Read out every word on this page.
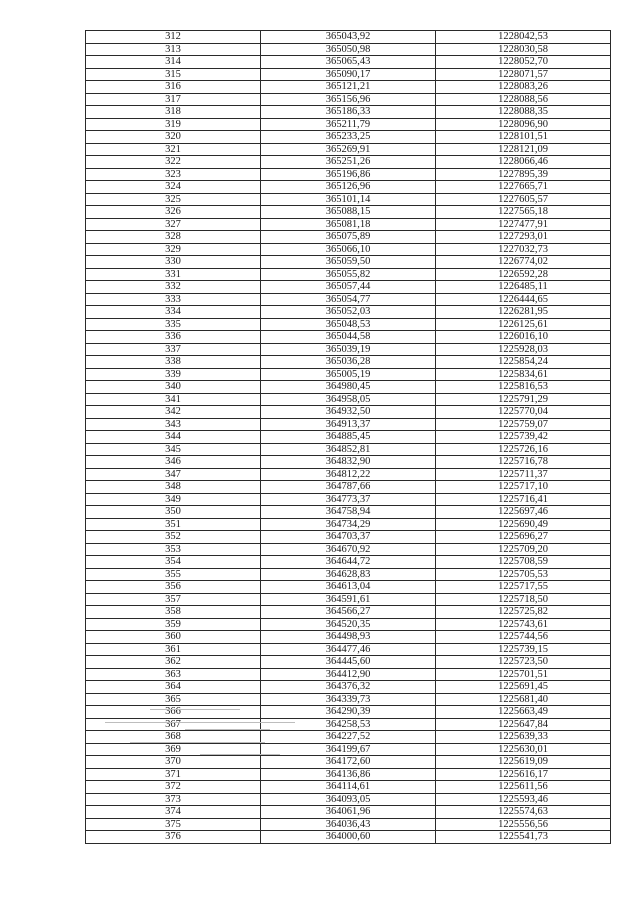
312	365043,92	1228042,53
313	365050,98	1228030,58
314	365065,43	1228052,70
315	365090,17	1228071,57
316	365121,21	1228083,26
317	365156,96	1228088,56
318	365186,33	1228088,35
319	365211,79	1228096,90
320	365233,25	1228101,51
321	365269,91	1228121,09
322	365251,26	1228066,46
323	365196,86	1227895,39
324	365126,96	1227665,71
325	365101,14	1227605,57
326	365088,15	1227565,18
327	365081,18	1227477,91
328	365075,89	1227293,01
329	365066,10	1227032,73
330	365059,50	1226774,02
331	365055,82	1226592,28
332	365057,44	1226485,11
333	365054,77	1226444,65
334	365052,03	1226281,95
335	365048,53	1226125,61
336	365044,58	1226016,10
337	365039,19	1225928,03
338	365036,28	1225854,24
339	365005,19	1225834,61
340	364980,45	1225816,53
341	364958,05	1225791,29
342	364932,50	1225770,04
343	364913,37	1225759,07
344	364885,45	1225739,42
345	364852,81	1225726,16
346	364832,90	1225716,78
347	364812,22	1225711,37
348	364787,66	1225717,10
349	364773,37	1225716,41
350	364758,94	1225697,46
351	364734,29	1225690,49
352	364703,37	1225696,27
353	364670,92	1225709,20
354	364644,72	1225708,59
355	364628,83	1225705,53
356	364613,04	1225717,55
357	364591,61	1225718,50
358	364566,27	1225725,82
359	364520,35	1225743,61
360	364498,93	1225744,56
361	364477,46	1225739,15
362	364445,60	1225723,50
363	364412,90	1225701,51
364	364376,32	1225691,45
365	364339,73	1225681,40
366	364290,39	1225663,49
367	364258,53	1225647,84
368	364227,52	1225639,33
369	364199,67	1225630,01
370	364172,60	1225619,09
371	364136,86	1225616,17
372	364114,61	1225611,56
373	364093,05	1225593,46
374	364061,96	1225574,63
375	364036,43	1225556,56
376	364000,60	1225541,73
